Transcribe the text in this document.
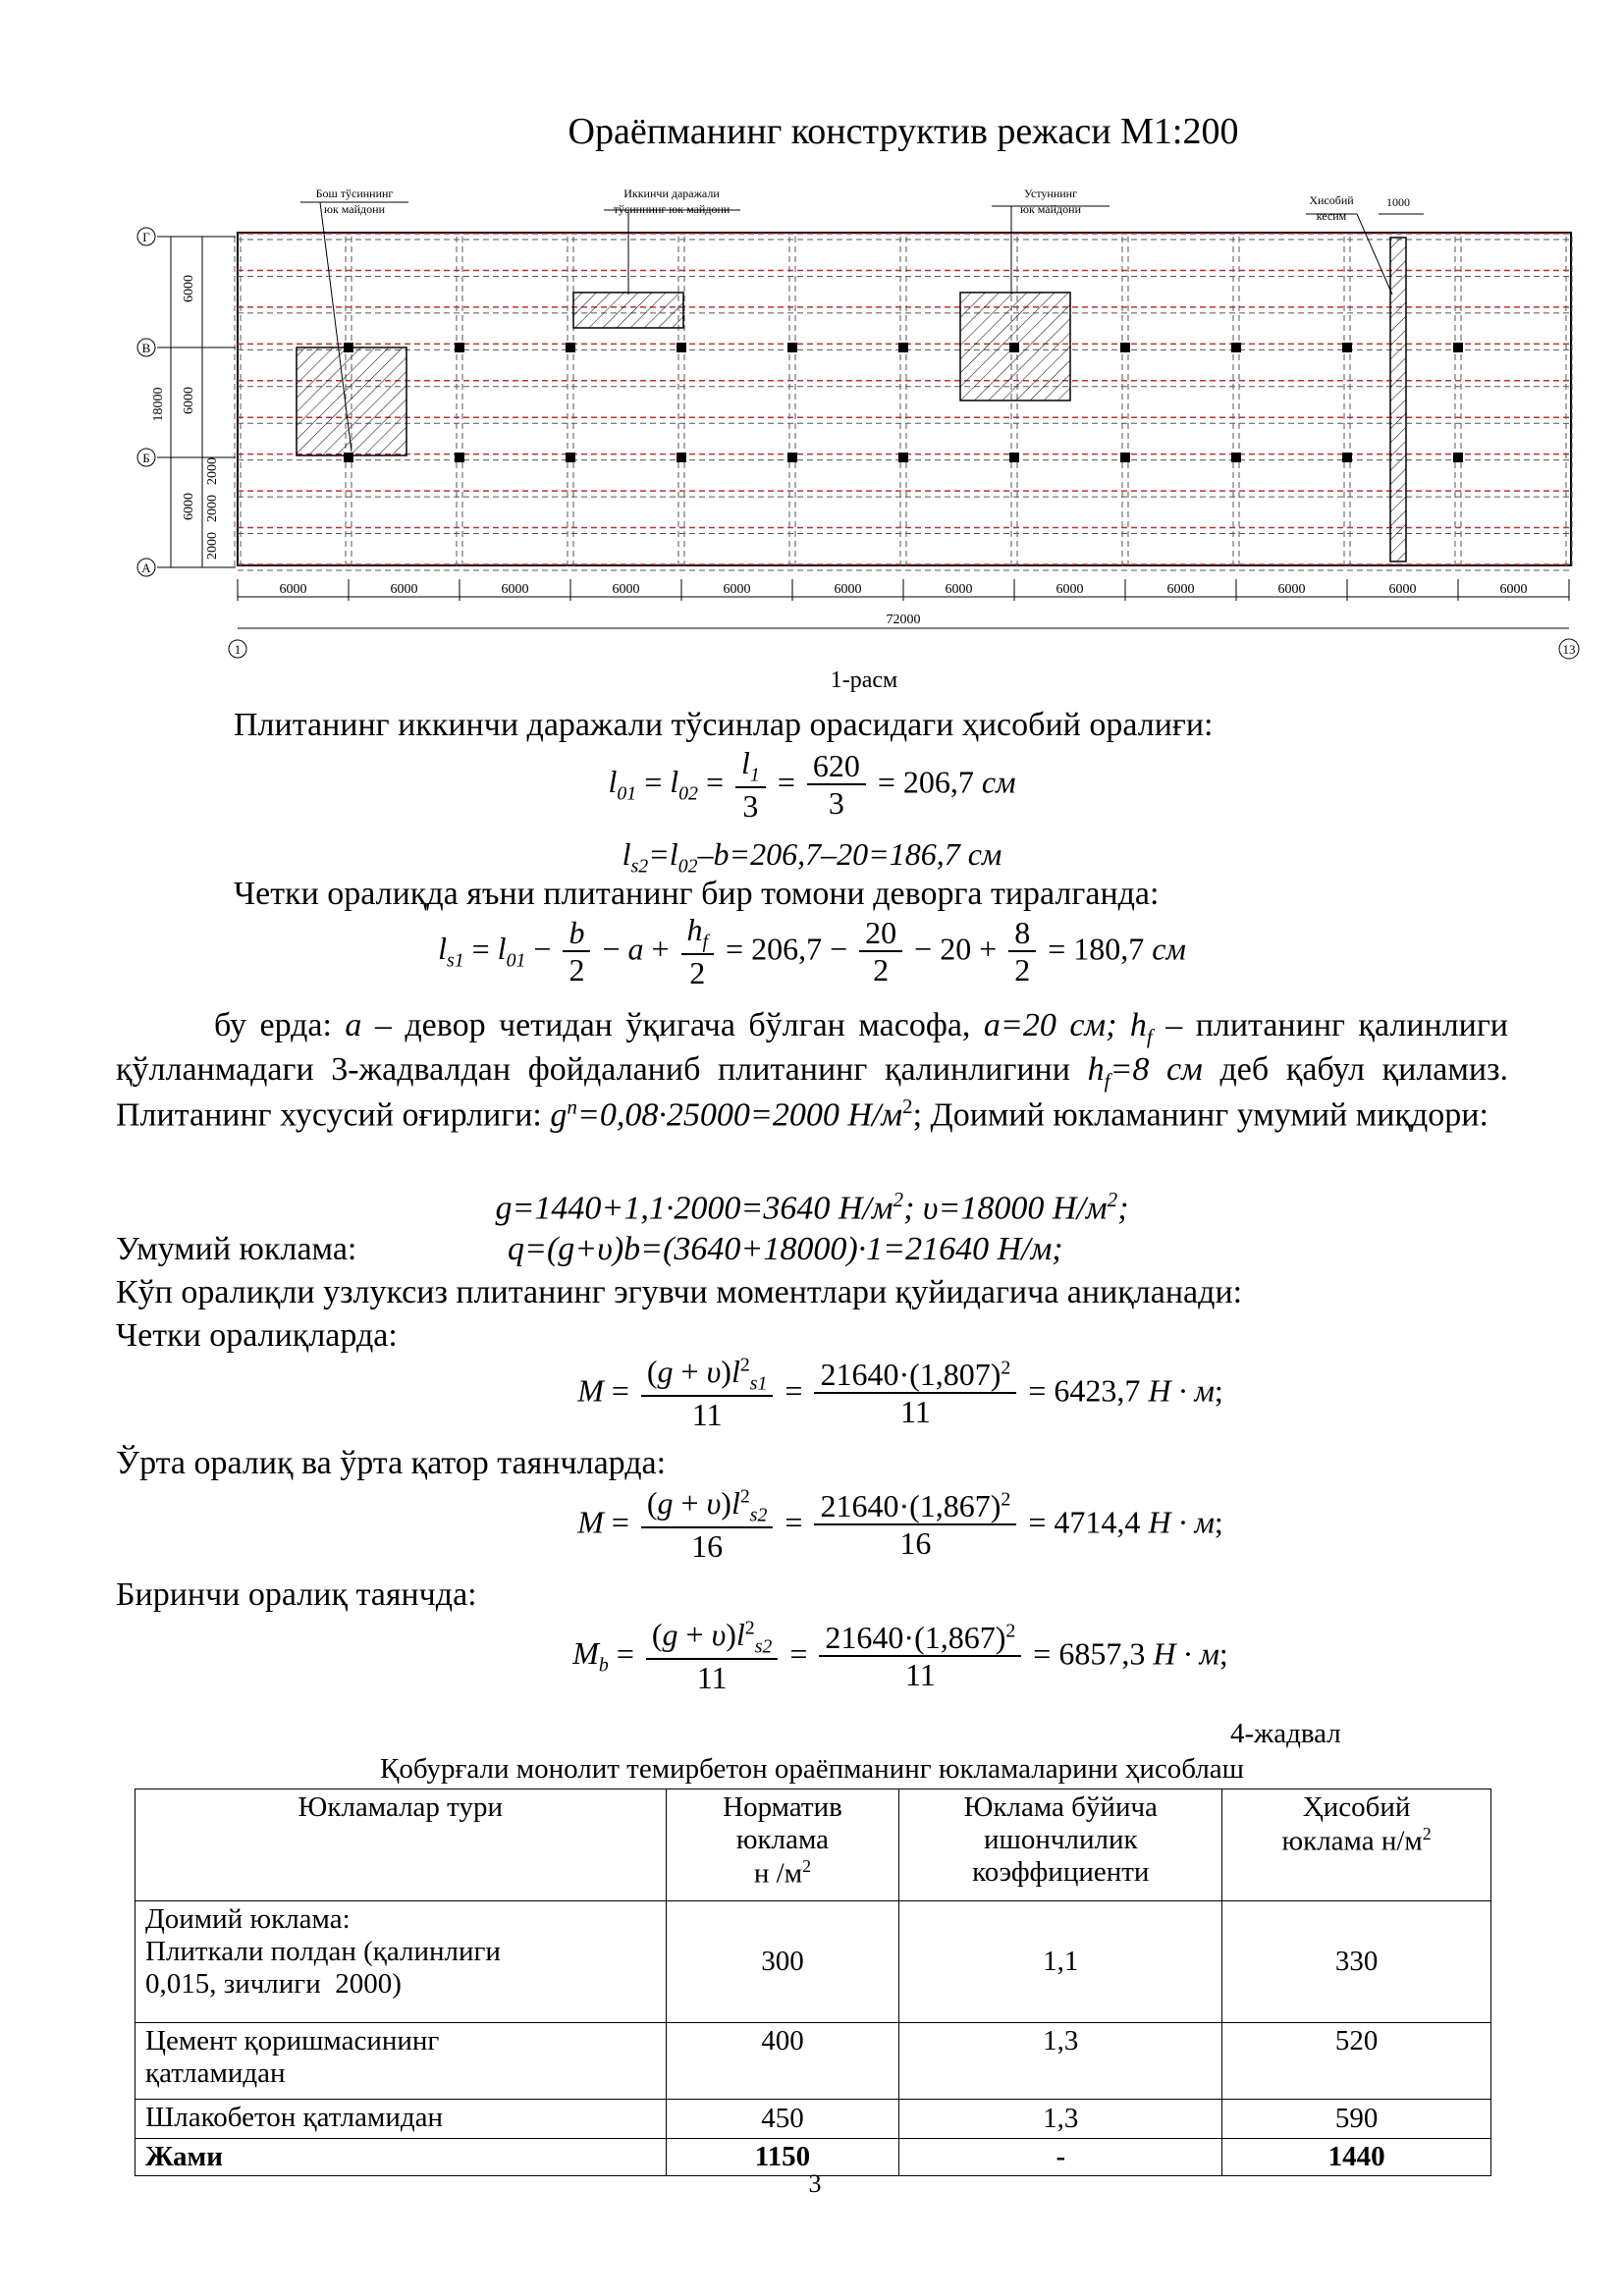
Ораёпманинг конструктив режаси М1:200
6000	6000	6000	6000	6000	6000	6000	6000	6000	6000	6000	6000
Бош тўсиннинг
юк майдони
Иккинчи даражали
тўсиннинг юк майдони
Устуннинг
юк майдони
Хисобий
кесим
1000
6000
6000
6000
18000
2000
2000
2000
Г
В
Б
А
1	13
72000
1-расм
Плитанинг иккинчи даражали тўсинлар орасидаги ҳисобий оралиғи:
$l_{01} = l_{02} = \frac{l_1}{3} = \frac{620}{3} = 206,7$ см
$l_{s2}=l_{02}-b=206,7-20=186,7$ см
Четки оралиқда яъни плитанинг бир томони деворга тиралганда:
$l_{s1} = l_{01} - \frac{b}{2} - a + \frac{h_f}{2} = 206,7 - \frac{20}{2} - 20 + \frac{8}{2} = 180,7$ см
бу ерда: a – девор четидан ўқигача бўлган масофа, a=20 см; $h_f$ – плитанинг қалинлиги қўлланмадаги 3-жадвалдан фойдаланиб плитанинг қалинлигини $h_f=8$ см деб қабул қиламиз. Плитанинг хусусий оғирлиги: $g^n=0,08\cdot 25000=2000$ $Н/м^2$; Доимий юкламанинг умумий миқдори:
g=1440+1,1·2000=3640 $Н/м^2$; υ=18000 $Н/м^2$;
Умумий юклама:	q=(g+υ)b=(3640+18000)·1=21640 Н/м;
Кўп оралиқли узлуксиз плитанинг эгувчи моментлари қуйидагича аниқланади:
Четки оралиқларда:
$M = \frac{(g + \upsilon)l^2_{s1}}{11} = \frac{21640\cdot(1,807)^2}{11} = 6423,7$ Н · м;
Ўрта оралиқ ва ўрта қатор таянчларда:
$M = \frac{(g + \upsilon)l^2_{s2}}{16} = \frac{21640\cdot(1,867)^2}{16} = 4714,4$ Н · м;
Биринчи оралиқ таянчда:
$M_b = \frac{(g + \upsilon)l^2_{s2}}{11} = \frac{21640\cdot(1,867)^2}{11} = 6857,3$ Н · м;
4-жадвал
Қобурғали монолит темирбетон ораёпманинг юкламаларини ҳисоблаш
Юкламалар тури	Норматив
юклама
н $/м^2$	Юклама бўйича
ишончлилик
коэффициенти	Ҳисобий
юклама $н/м^2$
Доимий юклама:
Плиткали полдан (қалинлиги
0,015, зичлиги  2000)	300	1,1	330
Цемент қоришмасининг
қатламидан	400	1,3	520
Шлакобетон қатламидан	450	1,3	590
Жами	1150	-	1440
3
